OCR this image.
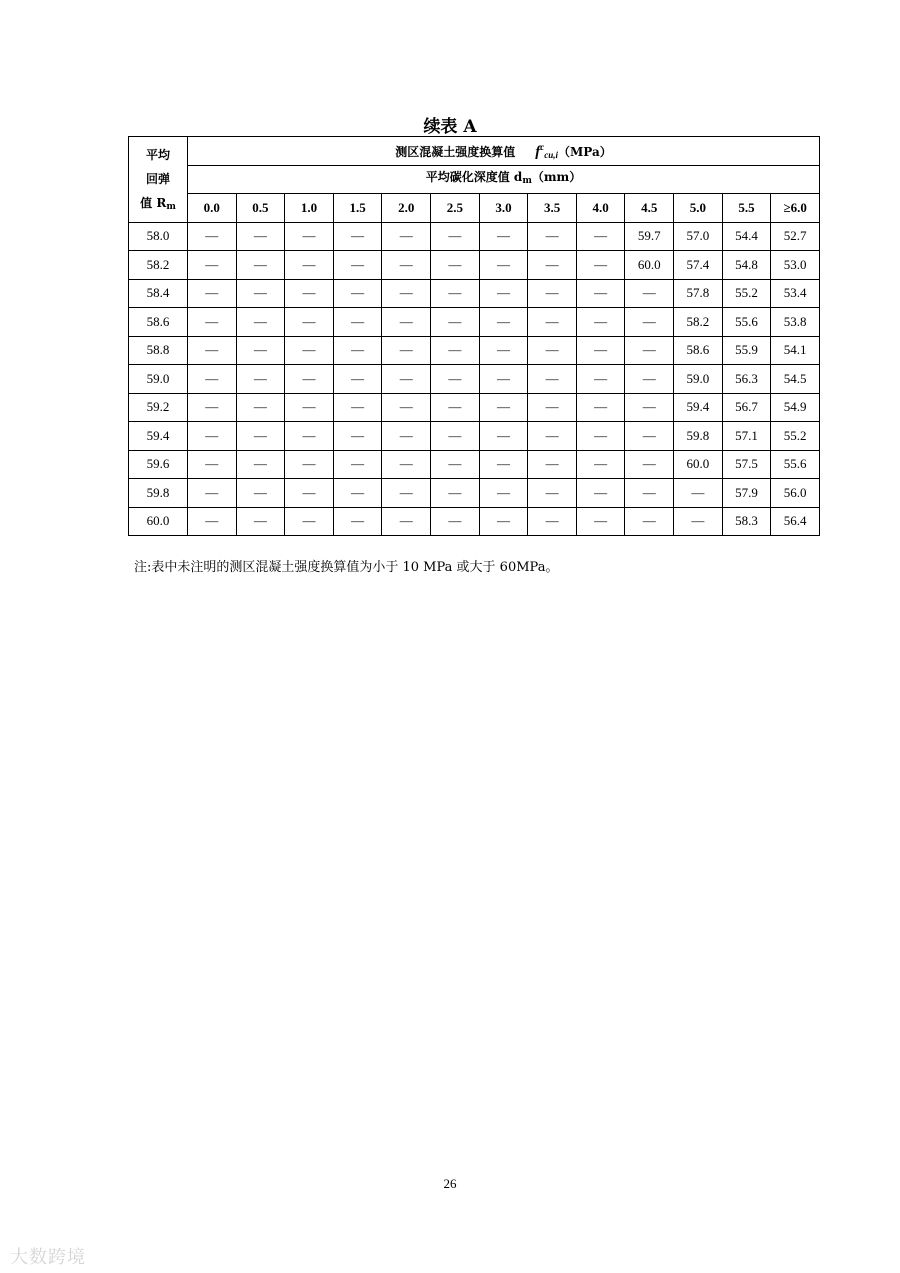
续表 A
平均
回弹
值 $R_m$	测区混凝土强度换算值 $f^c_{cu,i}(MPa)$												
	平均碳化深度值 $d_m(mm)$												
	0.0	0.5	1.0	1.5	2.0	2.5	3.0	3.5	4.0	4.5	5.0	5.5	≥6.0
58.0	—	—	—	—	—	—	—	—	—	59.7	57.0	54.4	52.7
58.2	—	—	—	—	—	—	—	—	—	60.0	57.4	54.8	53.0
58.4	—	—	—	—	—	—	—	—	—	—	57.8	55.2	53.4
58.6	—	—	—	—	—	—	—	—	—	—	58.2	55.6	53.8
58.8	—	—	—	—	—	—	—	—	—	—	58.6	55.9	54.1
59.0	—	—	—	—	—	—	—	—	—	—	59.0	56.3	54.5
59.2	—	—	—	—	—	—	—	—	—	—	59.4	56.7	54.9
59.4	—	—	—	—	—	—	—	—	—	—	59.8	57.1	55.2
59.6	—	—	—	—	—	—	—	—	—	—	60.0	57.5	55.6
59.8	—	—	—	—	—	—	—	—	—	—	—	57.9	56.0
60.0	—	—	—	—	—	—	—	—	—	—	—	58.3	56.4
注:表中未注明的测区混凝土强度换算值为小于 10 MPa 或大于 60MPa。
26
大数跨境
